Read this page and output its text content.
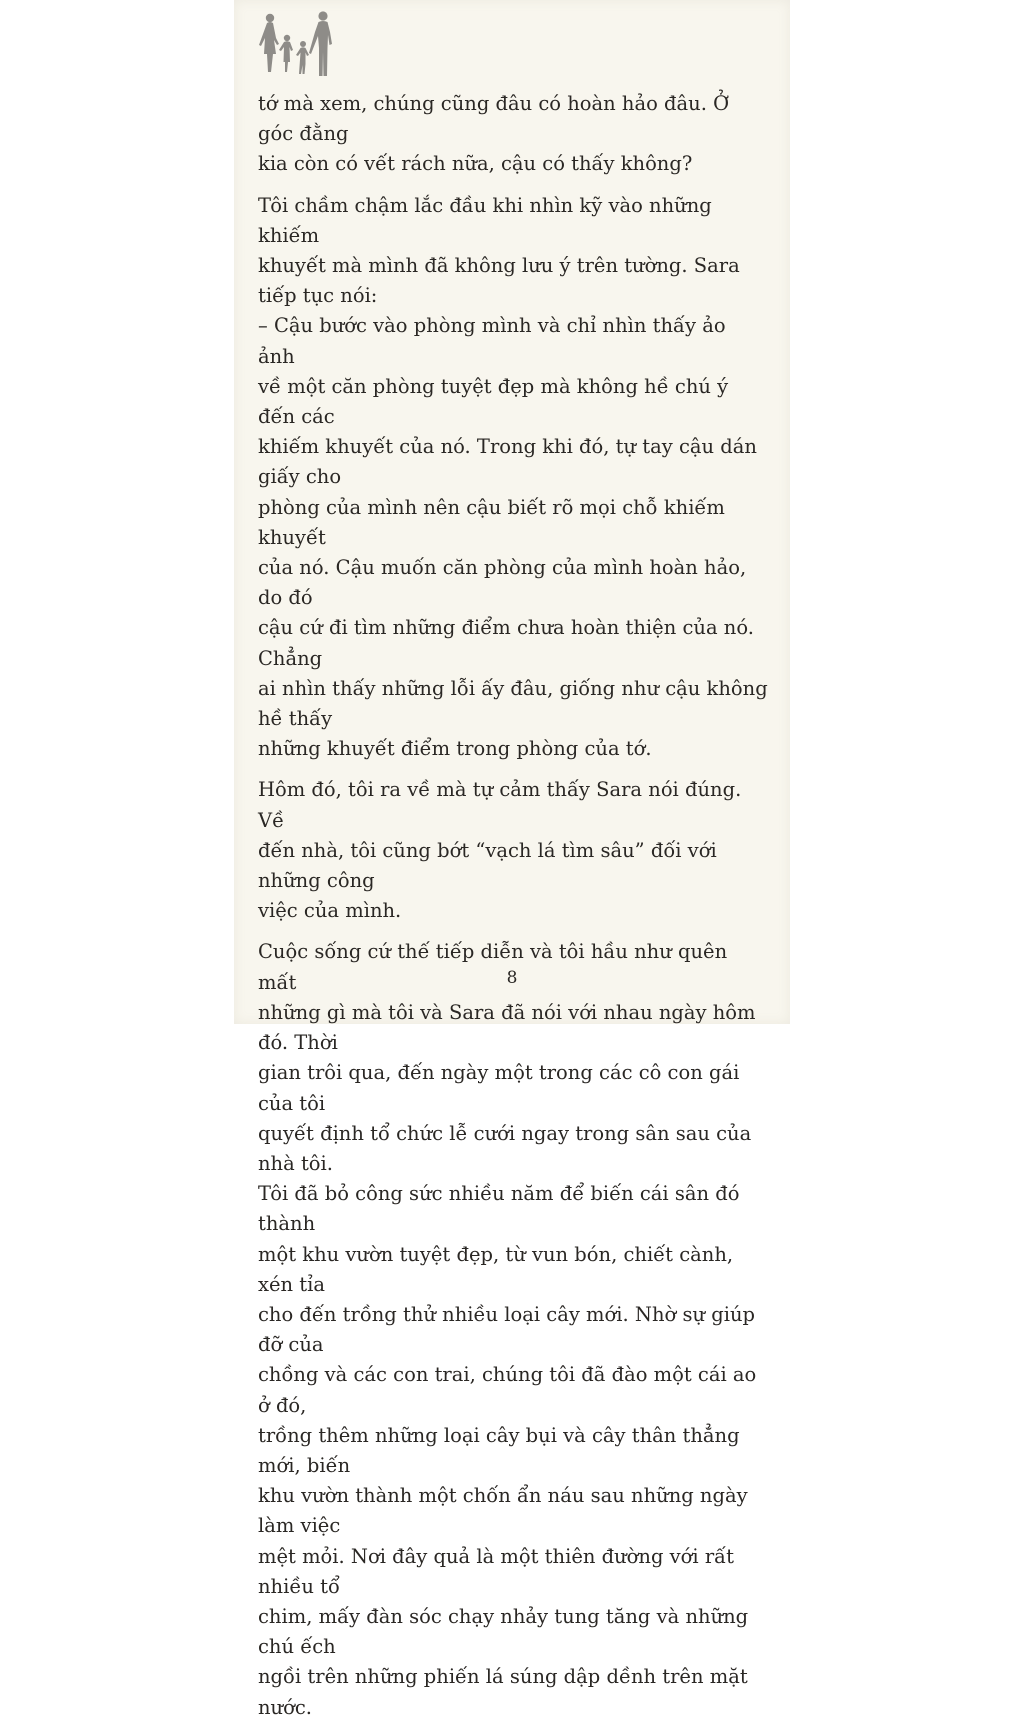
tớ mà xem, chúng cũng đâu có hoàn hảo đâu. Ở góc đằng
kia còn có vết rách nữa, cậu có thấy không?

Tôi chầm chậm lắc đầu khi nhìn kỹ vào những khiếm
khuyết mà mình đã không lưu ý trên tường. Sara tiếp tục nói:

– Cậu bước vào phòng mình và chỉ nhìn thấy ảo ảnh
về một căn phòng tuyệt đẹp mà không hề chú ý đến các
khiếm khuyết của nó. Trong khi đó, tự tay cậu dán giấy cho
phòng của mình nên cậu biết rõ mọi chỗ khiếm khuyết
của nó. Cậu muốn căn phòng của mình hoàn hảo, do đó
cậu cứ đi tìm những điểm chưa hoàn thiện của nó. Chẳng
ai nhìn thấy những lỗi ấy đâu, giống như cậu không hề thấy
những khuyết điểm trong phòng của tớ.

Hôm đó, tôi ra về mà tự cảm thấy Sara nói đúng. Về
đến nhà, tôi cũng bớt “vạch lá tìm sâu” đối với những công
việc của mình.

Cuộc sống cứ thế tiếp diễn và tôi hầu như quên mất
những gì mà tôi và Sara đã nói với nhau ngày hôm đó. Thời
gian trôi qua, đến ngày một trong các cô con gái của tôi
quyết định tổ chức lễ cưới ngay trong sân sau của nhà tôi.
Tôi đã bỏ công sức nhiều năm để biến cái sân đó thành
một khu vườn tuyệt đẹp, từ vun bón, chiết cành, xén tỉa
cho đến trồng thử nhiều loại cây mới. Nhờ sự giúp đỡ của
chồng và các con trai, chúng tôi đã đào một cái ao ở đó,
trồng thêm những loại cây bụi và cây thân thẳng mới, biến
khu vườn thành một chốn ẩn náu sau những ngày làm việc
mệt mỏi. Nơi đây quả là một thiên đường với rất nhiều tổ
chim, mấy đàn sóc chạy nhảy tung tăng và những chú ếch
ngồi trên những phiến lá súng dập dềnh trên mặt nước.

8
